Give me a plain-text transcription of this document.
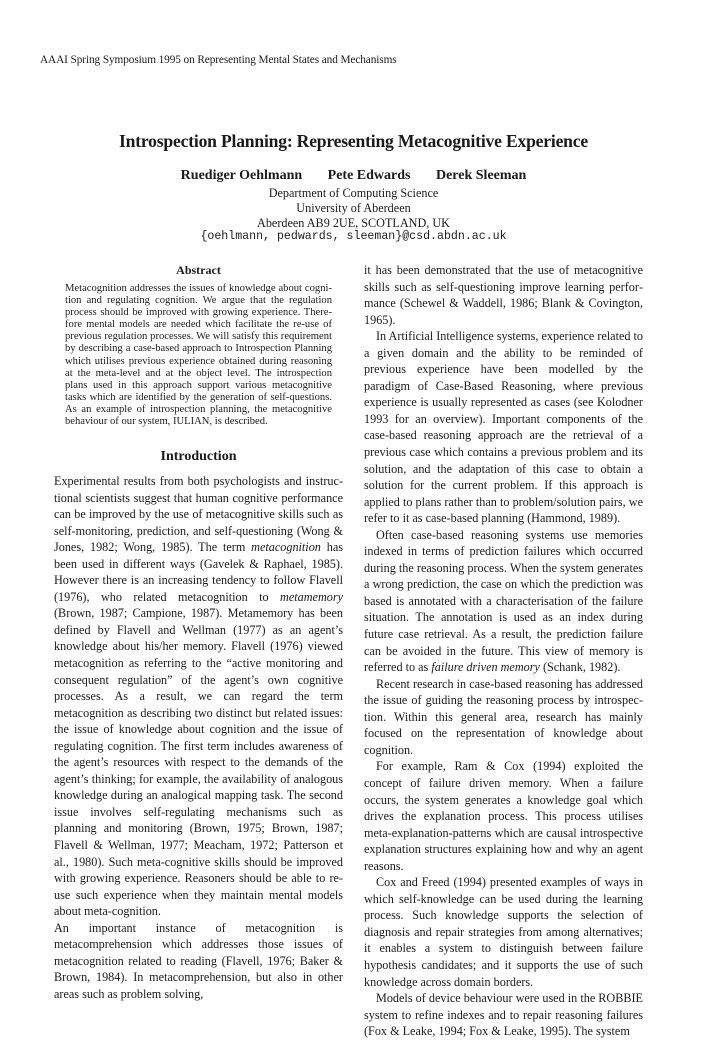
AAAI Spring Symposium 1995 on Representing Mental States and Mechanisms
Introspection Planning: Representing Metacognitive Experience
Ruediger Oehlmann Pete Edwards Derek Sleeman
Department of Computing Science
University of Aberdeen
Aberdeen AB9 2UE, SCOTLAND, UK
{oehlmann, pedwards, sleeman}@csd.abdn.ac.uk
Abstract
Metacognition addresses the issues of knowledge about cognition and regulating cognition. We argue that the regulation process should be improved with growing experience. Therefore mental models are needed which facilitate the re-use of previous regulation processes. We will satisfy this requirement by describing a case-based approach to Introspection Planning which utilises previous experience obtained during reasoning at the meta-level and at the object level. The introspection plans used in this approach support various metacognitive tasks which are identified by the generation of self-questions. As an example of introspection planning, the metacognitive behaviour of our system, IULIAN, is described.
Introduction

Experimental results from both psychologists and instructional scientists suggest that human cognitive performance can be improved by the use of metacognitive skills such as self-monitoring, prediction, and self-questioning (Wong & Jones, 1982; Wong, 1985). The term metacognition has been used in different ways (Gavelek & Raphael, 1985). However there is an increasing tendency to follow Flavell (1976), who related metacognition to metamemory (Brown, 1987; Campione, 1987). Metamemory has been defined by Flavell and Wellman (1977) as an agent’s knowledge about his/her memory. Flavell (1976) viewed metacognition as referring to the “active monitoring and consequent regulation” of the agent’s own cognitive processes. As a result, we can regard the term metacognition as describing two distinct but related issues: the issue of knowledge about cognition and the issue of regulating cognition. The first term includes awareness of the agent’s resources with respect to the demands of the agent’s thinking; for example, the availability of analogous knowledge during an analogical mapping task. The second issue involves self-regulating mechanisms such as planning and monitoring (Brown, 1975; Brown, 1987; Flavell & Wellman, 1977; Meacham, 1972; Patterson et al., 1980). Such meta-cognitive skills should be improved with growing experience. Reasoners should be able to re-use such experience when they maintain mental models about meta-cognition.

An important instance of metacognition is metacomprehension which addresses those issues of metacognition related to reading (Flavell, 1976; Baker & Brown, 1984). In metacomprehension, but also in other areas such as problem solving,

it has been demonstrated that the use of metacognitive skills such as self-questioning improve learning performance (Schewel & Waddell, 1986; Blank & Covington, 1965).

In Artificial Intelligence systems, experience related to a given domain and the ability to be reminded of previous experience have been modelled by the paradigm of Case-Based Reasoning, where previous experience is usually represented as cases (see Kolodner 1993 for an overview). Important components of the case-based reasoning approach are the retrieval of a previous case which contains a previous problem and its solution, and the adaptation of this case to obtain a solution for the current problem. If this approach is applied to plans rather than to problem/solution pairs, we refer to it as case-based planning (Hammond, 1989).

Often case-based reasoning systems use memories indexed in terms of prediction failures which occurred during the reasoning process. When the system generates a wrong prediction, the case on which the prediction was based is annotated with a characterisation of the failure situation. The annotation is used as an index during future case retrieval. As a result, the prediction failure can be avoided in the future. This view of memory is referred to as failure driven memory (Schank, 1982).

Recent research in case-based reasoning has addressed the issue of guiding the reasoning process by introspection. Within this general area, research has mainly focused on the representation of knowledge about cognition.

For example, Ram & Cox (1994) exploited the concept of failure driven memory. When a failure occurs, the system generates a knowledge goal which drives the explanation process. This process utilises meta-explanation-patterns which are causal introspective explanation structures explaining how and why an agent reasons.

Cox and Freed (1994) presented examples of ways in which self-knowledge can be used during the learning process. Such knowledge supports the selection of diagnosis and repair strategies from among alternatives; it enables a system to distinguish between failure hypothesis candidates; and it supports the use of such knowledge across domain borders.

Models of device behaviour were used in the ROBBIE system to refine indexes and to repair reasoning failures (Fox & Leake, 1994; Fox & Leake, 1995). The system
